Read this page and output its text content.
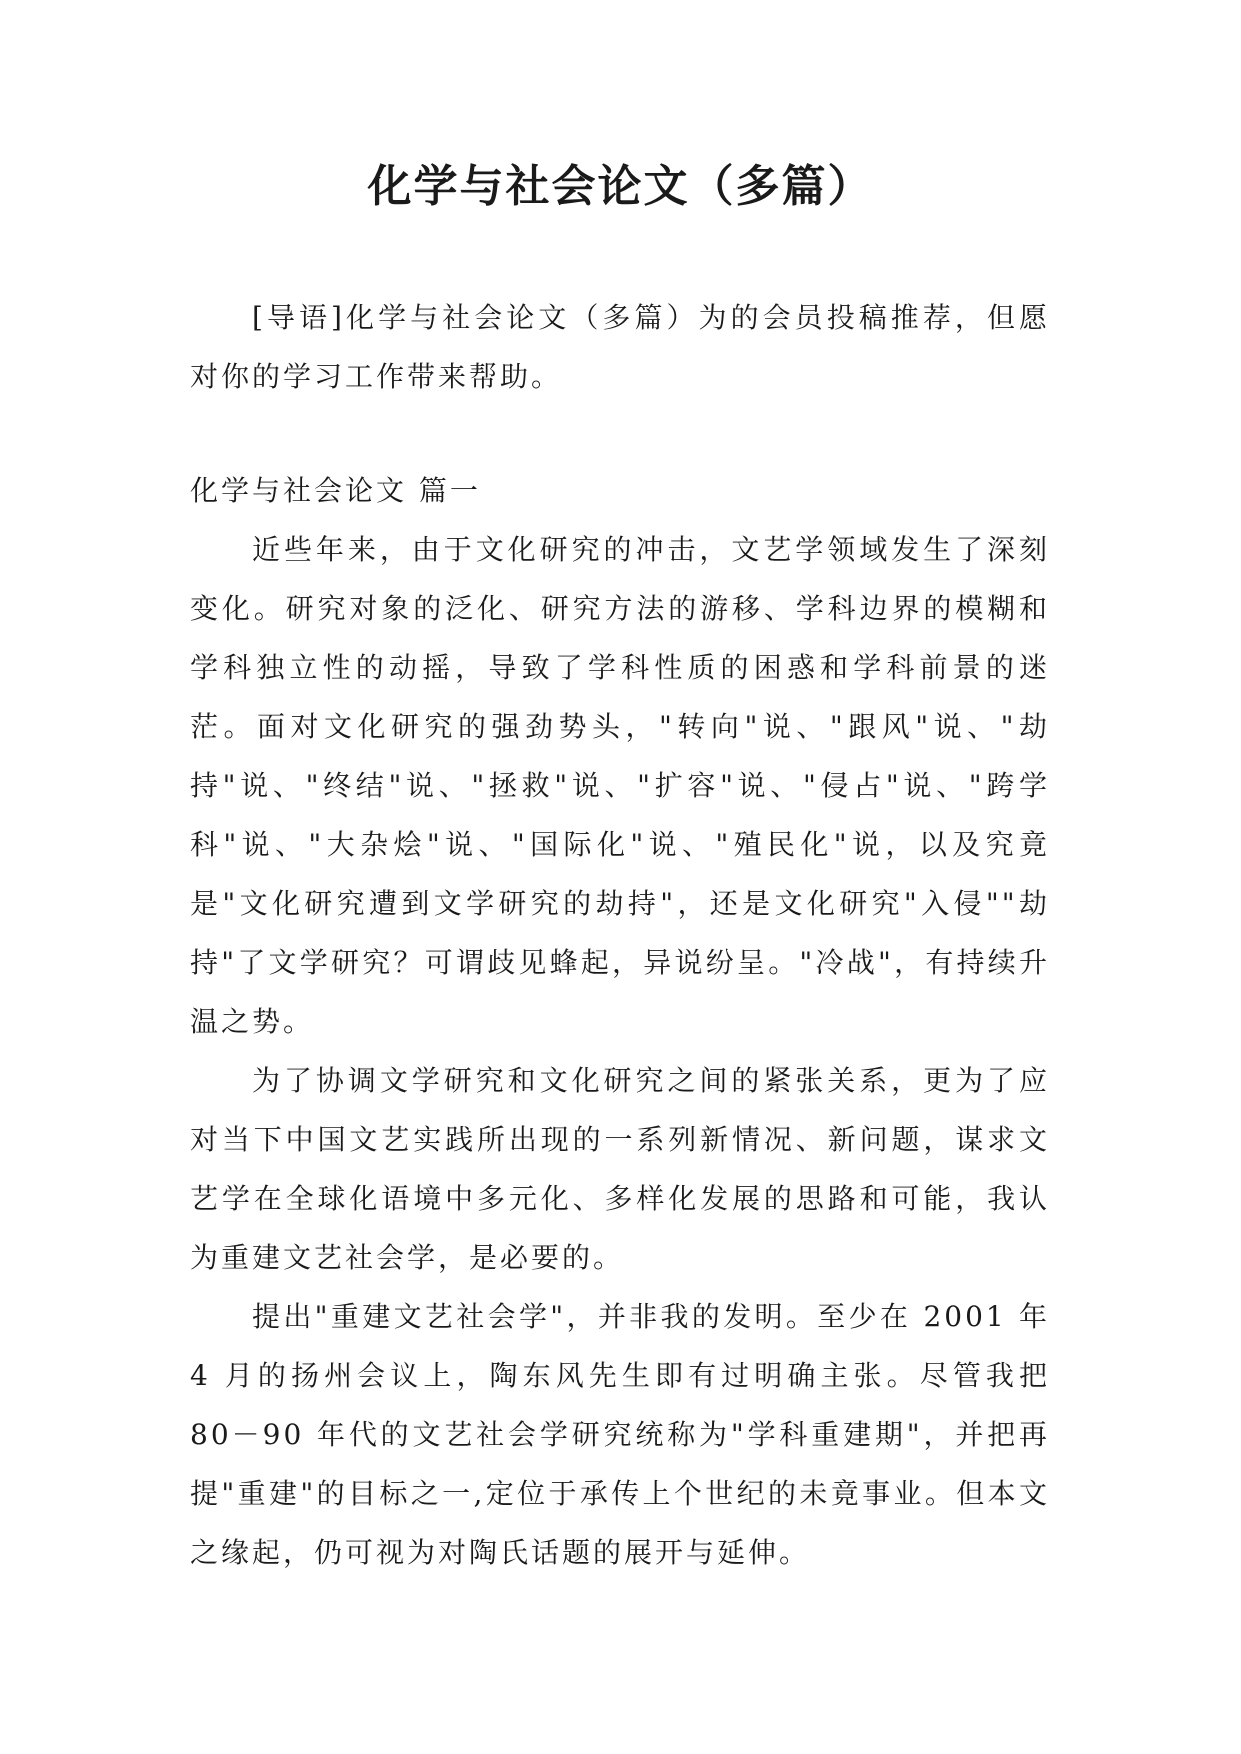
化学与社会论文（多篇）

[导语]化学与社会论文（多篇）为的会员投稿推荐，但愿对你的学习工作带来帮助。

化学与社会论文 篇一

近些年来，由于文化研究的冲击，文艺学领域发生了深刻变化。研究对象的泛化、研究方法的游移、学科边界的模糊和学科独立性的动摇，导致了学科性质的困惑和学科前景的迷茫。面对文化研究的强劲势头，"转向"说、"跟风"说、"劫持"说、"终结"说、"拯救"说、"扩容"说、"侵占"说、"跨学科"说、"大杂烩"说、"国际化"说、"殖民化"说，以及究竟是"文化研究遭到文学研究的劫持"，还是文化研究"入侵""劫持"了文学研究？可谓歧见蜂起，异说纷呈。"冷战"，有持续升温之势。

为了协调文学研究和文化研究之间的紧张关系，更为了应对当下中国文艺实践所出现的一系列新情况、新问题，谋求文艺学在全球化语境中多元化、多样化发展的思路和可能，我认为重建文艺社会学，是必要的。

提出"重建文艺社会学"，并非我的发明。至少在 2001 年 4 月的扬州会议上，陶东风先生即有过明确主张。尽管我把 80－90 年代的文艺社会学研究统称为"学科重建期"，并把再提"重建"的目标之一,定位于承传上个世纪的未竟事业。但本文之缘起，仍可视为对陶氏话题的展开与延伸。
